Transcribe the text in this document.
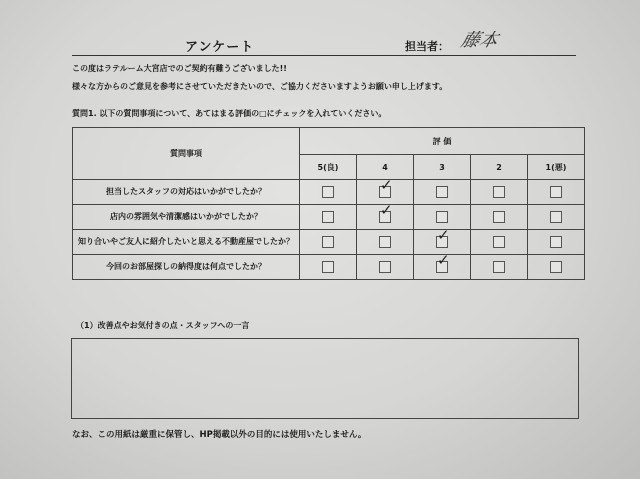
アンケート	担当者： 藤本
この度はラテルーム大宮店でのご契約有難うございました!!
様々な方からのご意見を参考にさせていただきたいので、ご協力くださいますようお願い申し上げます。
質問1. 以下の質問事項について、あてはまる評価の□にチェックを入れていください。
質問事項	評 価				
	5(良)	4	3	2	1(悪)
担当したスタッフの対応はいかがでしたか？		✓			

店内の雰囲気や清潔感はいかがでしたか？		✓			

知り合いやご友人に紹介したいと思える不動産屋でしたか？			✓		

今回のお部屋探しの納得度は何点でしたか？			✓		

（1）改善点やお気付きの点・スタッフへの一言
なお、この用紙は厳重に保管し、HP掲載以外の目的には使用いたしません。
